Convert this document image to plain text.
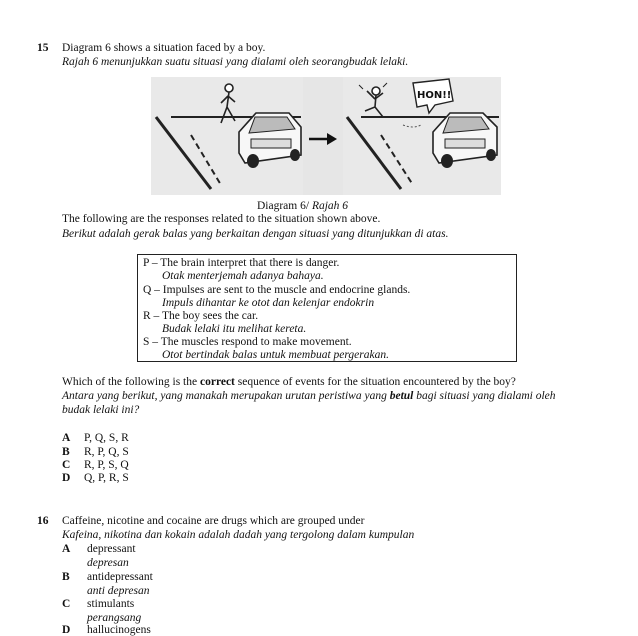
15 Diagram 6 shows a situation faced by a boy.
Rajah 6 menunjukkan suatu situasi yang dialami oleh seorangbudak lelaki.
HON!!
Diagram 6/ Rajah 6
The following are the responses related to the situation shown above.
Berikut adalah gerak balas yang berkaitan dengan situasi yang ditunjukkan di atas.
P – The brain interpret that there is danger.
Otak menterjemah adanya bahaya.
Q – Impulses are sent to the muscle and endocrine glands.
Impuls dihantar ke otot dan kelenjar endokrin
R – The boy sees the car.
Budak lelaki itu melihat kereta.
S – The muscles respond to make movement.
Otot bertindak balas untuk membuat pergerakan.
Which of the following is the correct sequence of events for the situation encountered by the boy?
Antara yang berikut, yang manakah merupakan urutan peristiwa yang betul bagi situasi yang dialami oleh
budak lelaki ini?
A P, Q, S, R
B R, P, Q, S
C R, P, S, Q
D Q, P, R, S
16 Caffeine, nicotine and cocaine are drugs which are grouped under
Kafeina, nikotina dan kokain adalah dadah yang tergolong dalam kumpulan
A depressant
depresan
B antidepressant
anti depresan
C stimulants
perangsang
D hallucinogens
